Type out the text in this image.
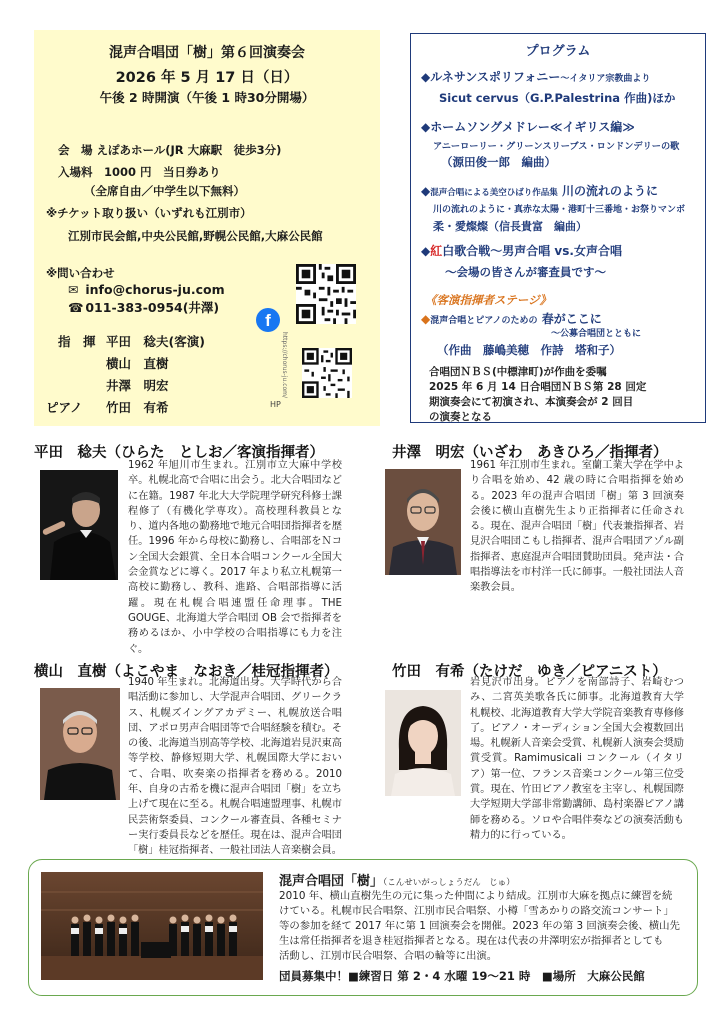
混声合唱団「樹」第６回演奏会
2026 年 5 月 17 日（日）
午後 2 時開演（午後 1 時30分開場）
会　場 えぽあホール(JR 大麻駅　徒歩3分)
入場料　1000 円　当日券あり
（全席自由／中学生以下無料）
※チケット取り扱い（いずれも江別市）
江別市民会館,中央公民館,野幌公民館,大麻公民館
※問い合わせ
✉ info@chorus-ju.com
☎ 011-383-0954(井澤)
指　揮 平田　稔夫(客演)
横山　直樹
井澤　明宏
ピアノ 竹田　有希
f
https://chorus-ju.com/
HP
プログラム
◆ルネサンスポリフォニー～イタリア宗教曲より
Sicut cervus（G.P.Palestrina 作曲)ほか
◆ホームソングメドレー≪イギリス編≫
アニーローリー・グリーンスリーブス・ロンドンデリーの歌
（源田俊一郎　編曲）
◆混声合唱による美空ひばり作品集 川の流れのように
川の流れのように・真赤な太陽・港町十三番地・お祭りマンボ
柔・愛燦燦（信長貴富　編曲）
◆紅白歌合戦～男声合唱 vs.女声合唱
～会場の皆さんが審査員です～
《客演指揮者ステージ》
◆混声合唱とピアノのための 春がここに
～公募合唱団とともに
（作曲　藤嶋美穂　作詩　塔和子）
合唱団ＮＢＳ(中標津町)が作曲を委嘱
2025 年 6 月 14 日合唱団ＮＢＳ第 28 回定
期演奏会にて初演され、本演奏会が 2 回目
の演奏となる
平田　稔夫（ひらた　としお／客演指揮者）
1962 年旭川市生まれ。江別市立大麻中学校卒。札幌北高で合唱に出会う。北大合唱団などに在籍。1987 年北大大学院理学研究科修士課程修了（有機化学専攻）。高校理科教員となり、道内各地の勤務地で地元合唱団指揮者を歴任。1996 年から母校に勤務し、合唱部をＮコン全国大会銀賞、全日本合唱コンクール全国大会金賞などに導く。2017 年より私立札幌第一高校に勤務し、教科、進路、合唱部指導に活躍。現在札幌合唱連盟任命理事。THE GOUGE、北海道大学合唱団 OB 会で指揮者を務めるほか、小中学校の合唱指導にも力を注ぐ。
井澤　明宏（いざわ　あきひろ／指揮者）
1961 年江別市生まれ。室蘭工業大学在学中より合唱を始め、42 歳の時に合唱指揮を始める。2023 年の混声合唱団「樹」第 3 回演奏会後に横山直樹先生より正指揮者に任命される。現在、混声合唱団「樹」代表兼指揮者、岩見沢合唱団こもし指揮者、混声合唱団アゾル副指揮者、恵庭混声合唱団賛助団員。発声法・合唱指導法を市村洋一氏に師事。一般社団法人音楽教会員。
横山　直樹（よこやま　なおき／桂冠指揮者）
1940 年生まれ。北海道出身。大学時代から合唱活動に参加し、大学混声合唱団、グリークラス、札幌ズイングアカデミー、札幌放送合唱団、アポロ男声合唱団等で合唱経験を積む。その後、北海道当別高等学校、北海道岩見沢東高等学校、静修短期大学、札幌国際大学において、合唱、吹奏楽の指揮者を務める。2010 年、自身の古希を機に混声合唱団「樹」を立ち上げて現在に至る。札幌合唱連盟理事、札幌市民芸術祭委員、コンクール審査員、各種セミナー実行委員長などを歴任。現在は、混声合唱団「樹」桂冠指揮者、一般社団法人音楽樹会員。
竹田　有希（たけだ　ゆき／ピアニスト）
岩見沢市出身。ピアノを南部詩子、岩崎むつみ、二宮英美歌各氏に師事。北海道教育大学札幌校、北海道教育大学大学院音楽教育専修修了。ピアノ・オーディション全国大会複数回出場。札幌新人音楽会受賞、札幌新人演奏会奨励賞受賞。Ramimusicali コンクール（イタリア）第一位、フランス音楽コンクール第三位受賞。現在、竹田ピアノ教室を主宰し、札幌国際大学短期大学部非常勤講師、島村楽器ピアノ講師を務める。ソロや合唱伴奏などの演奏活動も精力的に行っている。
混声合唱団「樹」（こんせいがっしょうだん　じゅ）
2010 年、横山直樹先生の元に集った仲間により結成。江別市大麻を拠点に練習を続
けている。札幌市民合唱祭、江別市民合唱祭、小樽「雪あかりの路交流コンサート」
等の参加を経て 2017 年に第 1 回演奏会を開催。2023 年の第 3 回演奏会後、横山先
生は常任指揮者を退き桂冠指揮者となる。現在は代表の井澤明宏が指揮者としても
活動し、江別市民合唱祭、合唱の輪等に出演。
団員募集中！■練習日 第 2・4 水曜 19～21 時　■場所　大麻公民館
